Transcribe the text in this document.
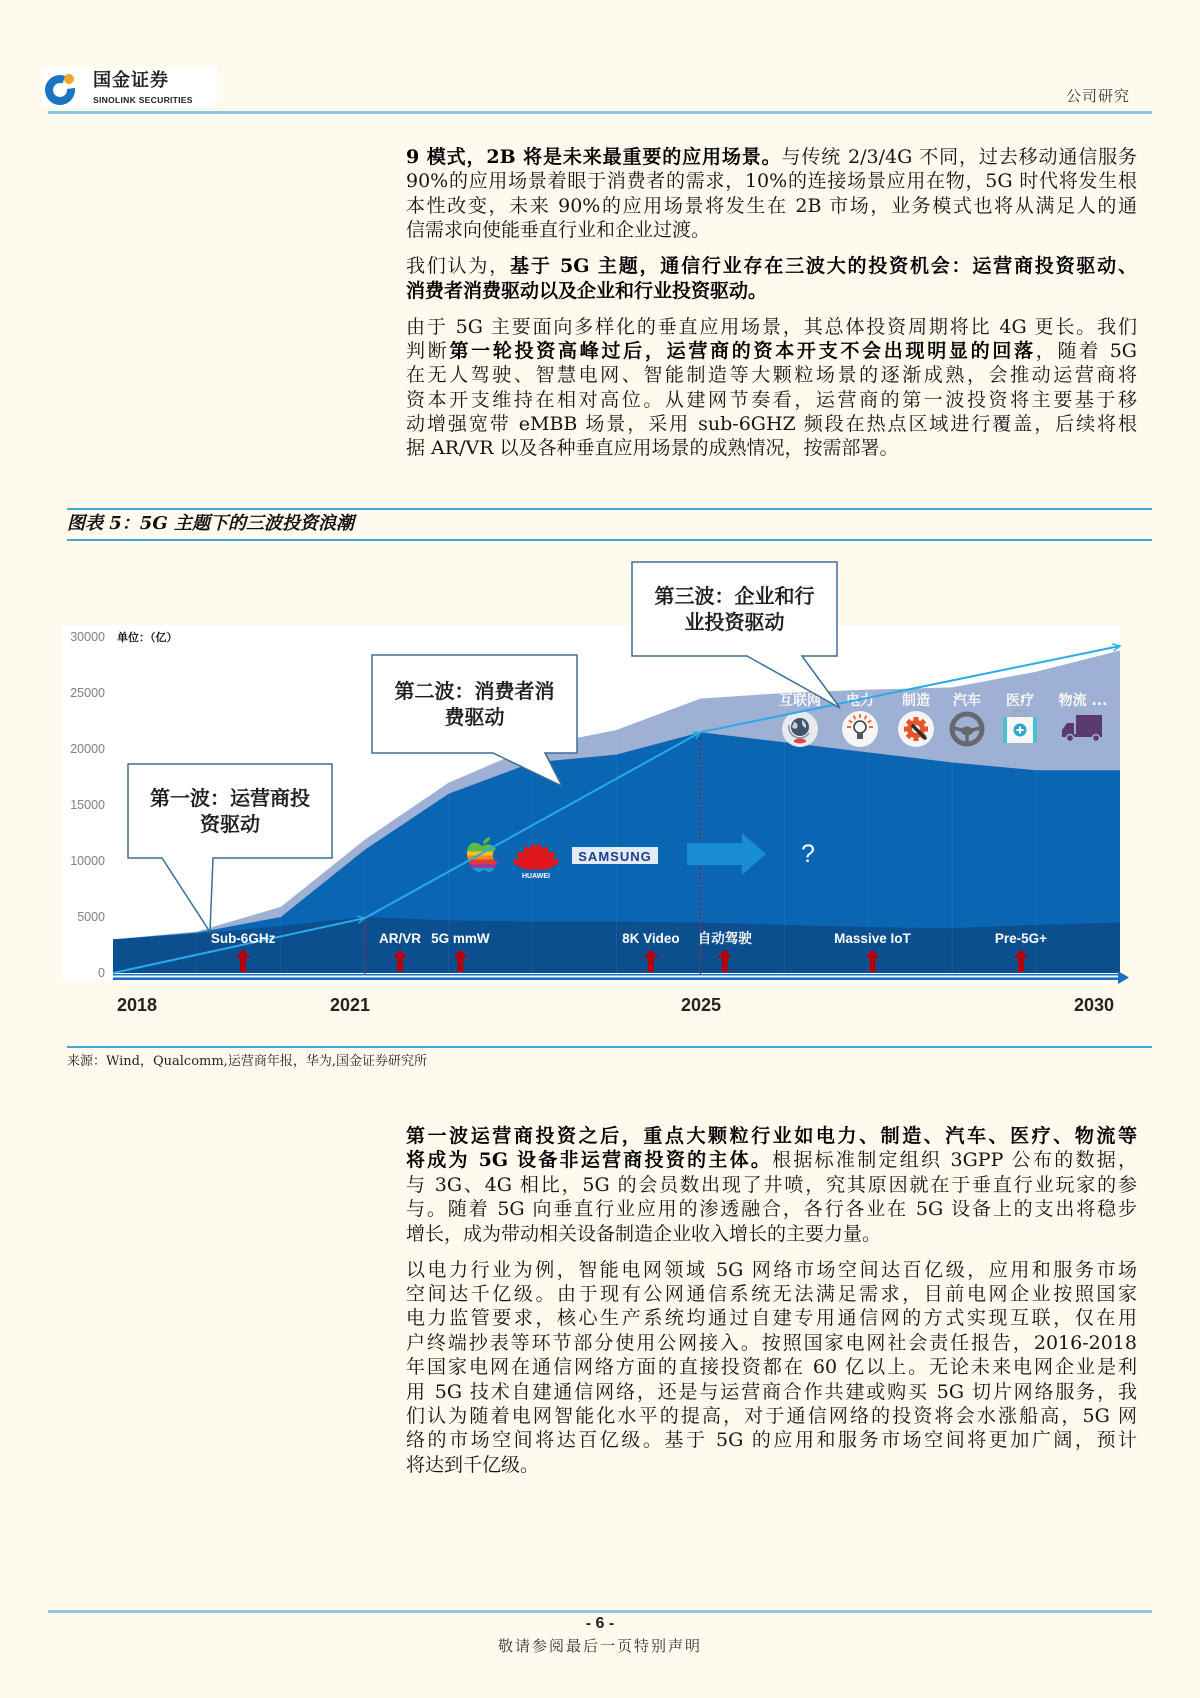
国金证券
SINOLINK SECURITIES	公司研究
9 模式，2B 将是未来最重要的应用场景。与传统 2/3/4G 不同，过去移动通信服务
90%的应用场景着眼于消费者的需求，10%的连接场景应用在物，5G 时代将发生根
本性改变，未来 90%的应用场景将发生在 2B 市场，业务模式也将从满足人的通
信需求向使能垂直行业和企业过渡。
我们认为，基于 5G 主题，通信行业存在三波大的投资机会：运营商投资驱动、
消费者消费驱动以及企业和行业投资驱动。
由于 5G 主要面向多样化的垂直应用场景，其总体投资周期将比 4G 更长。我们
判断第一轮投资高峰过后，运营商的资本开支不会出现明显的回落，随着 5G
在无人驾驶、智慧电网、智能制造等大颗粒场景的逐渐成熟，会推动运营商将
资本开支维持在相对高位。从建网节奏看，运营商的第一波投资将主要基于移
动增强宽带 eMBB 场景，采用 sub-6GHZ 频段在热点区域进行覆盖，后续将根
据 AR/VR 以及各种垂直应用场景的成熟情况，按需部署。
图表 5：5G 主题下的三波投资浪潮
0
5000
10000
15000
20000
25000
30000 单位：（亿）
HUAWEI
SAMSUNG	?
互联网 电力 制造 汽车 医疗 物流 ...
Sub-6GHz	AR/VR 5G mmW	8K Video 自动驾驶	Massive IoT	Pre-5G+
2018	2021	2025	2030
第一波：运营商投资驱动
第二波：消费者消费驱动
第三波：企业和行业投资驱动
来源：Wind，Qualcomm,运营商年报，华为,国金证券研究所
第一波运营商投资之后，重点大颗粒行业如电力、制造、汽车、医疗、物流等
将成为 5G 设备非运营商投资的主体。根据标准制定组织 3GPP 公布的数据，
与 3G、4G 相比，5G 的会员数出现了井喷，究其原因就在于垂直行业玩家的参
与。随着 5G 向垂直行业应用的渗透融合，各行各业在 5G 设备上的支出将稳步
增长，成为带动相关设备制造企业收入增长的主要力量。
以电力行业为例，智能电网领域 5G 网络市场空间达百亿级，应用和服务市场
空间达千亿级。由于现有公网通信系统无法满足需求，目前电网企业按照国家
电力监管要求，核心生产系统均通过自建专用通信网的方式实现互联，仅在用
户终端抄表等环节部分使用公网接入。按照国家电网社会责任报告，2016-2018
年国家电网在通信网络方面的直接投资都在 60 亿以上。无论未来电网企业是利
用 5G 技术自建通信网络，还是与运营商合作共建或购买 5G 切片网络服务，我
们认为随着电网智能化水平的提高，对于通信网络的投资将会水涨船高，5G 网
络的市场空间将达百亿级。基于 5G 的应用和服务市场空间将更加广阔，预计
将达到千亿级。
- 6 -
敬请参阅最后一页特别声明
